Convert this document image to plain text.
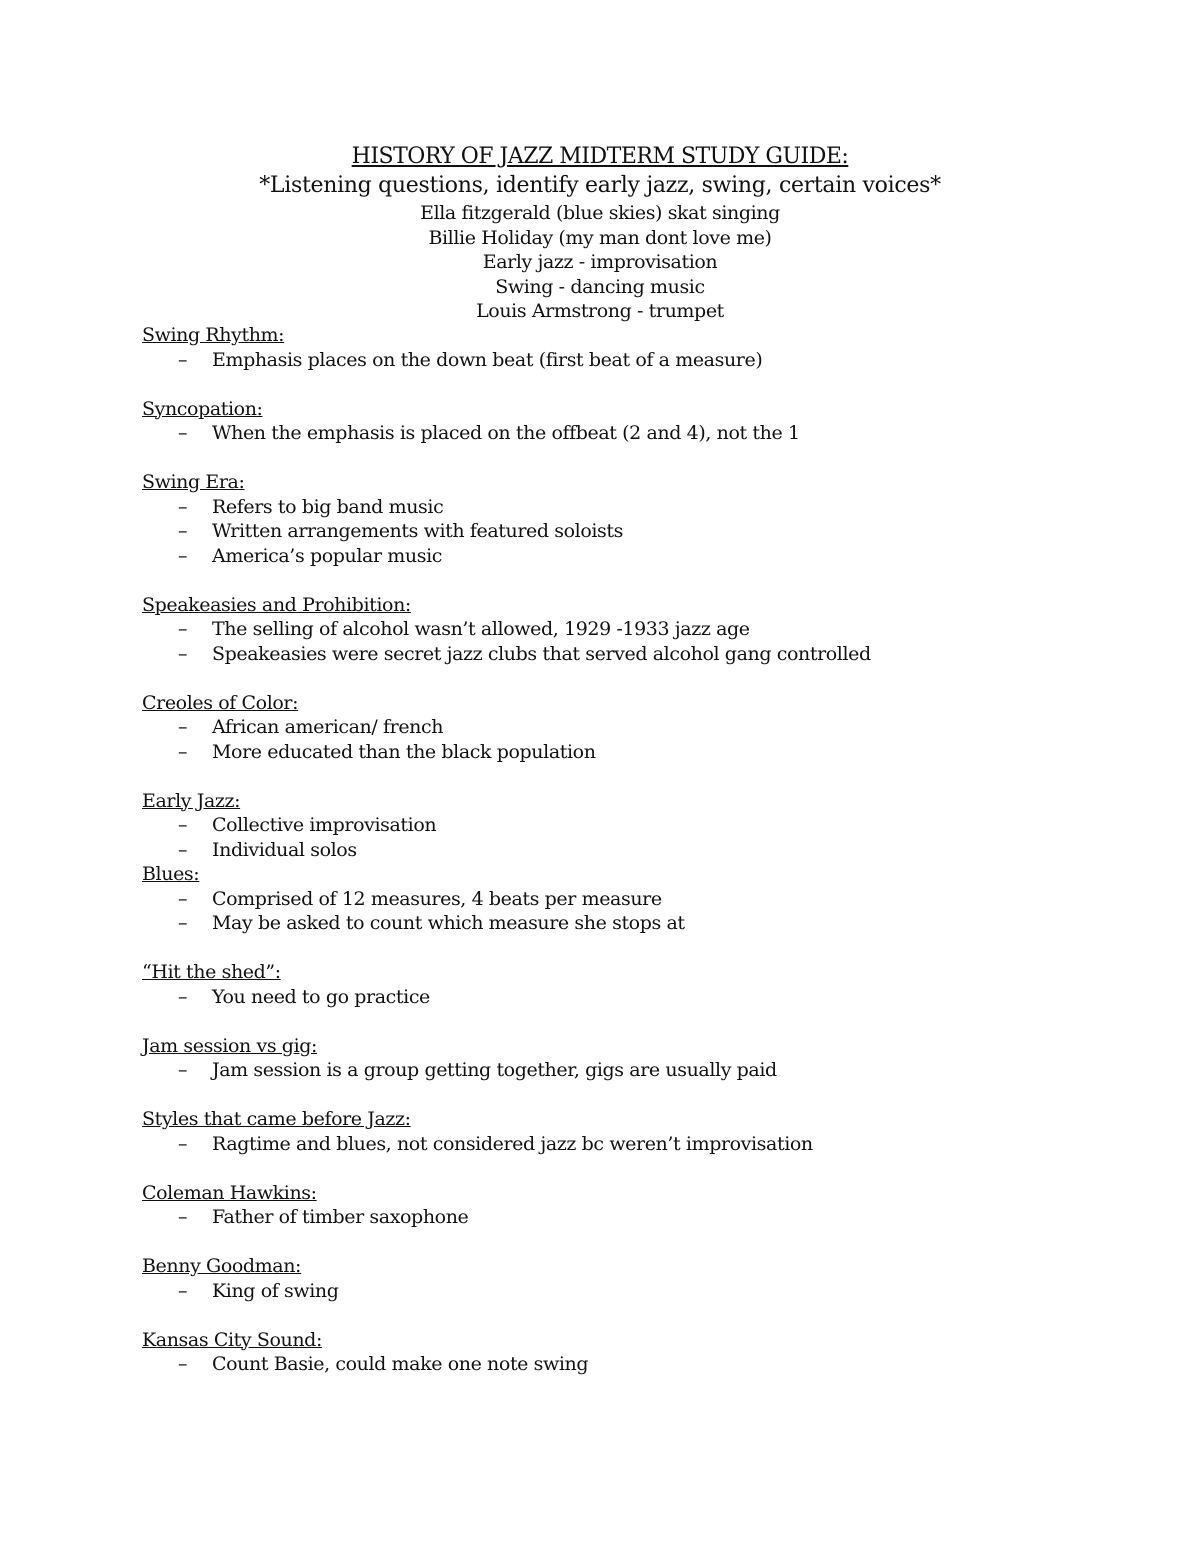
HISTORY OF JAZZ MIDTERM STUDY GUIDE:
*Listening questions, identify early jazz, swing, certain voices*
Ella fitzgerald (blue skies) skat singing
Billie Holiday (my man dont love me)
Early jazz - improvisation
Swing - dancing music
Louis Armstrong - trumpet
Swing Rhythm:
– Emphasis places on the down beat (first beat of a measure)
Syncopation:
– When the emphasis is placed on the offbeat (2 and 4), not the 1
Swing Era:
– Refers to big band music
– Written arrangements with featured soloists
– America’s popular music
Speakeasies and Prohibition:
– The selling of alcohol wasn’t allowed, 1929 -1933 jazz age
– Speakeasies were secret jazz clubs that served alcohol gang controlled
Creoles of Color:
– African american/ french
– More educated than the black population
Early Jazz:
– Collective improvisation
– Individual solos
Blues:
– Comprised of 12 measures, 4 beats per measure
– May be asked to count which measure she stops at
“Hit the shed”:
– You need to go practice
Jam session vs gig:
– Jam session is a group getting together, gigs are usually paid
Styles that came before Jazz:
– Ragtime and blues, not considered jazz bc weren’t improvisation
Coleman Hawkins:
– Father of timber saxophone
Benny Goodman:
– King of swing
Kansas City Sound:
– Count Basie, could make one note swing
